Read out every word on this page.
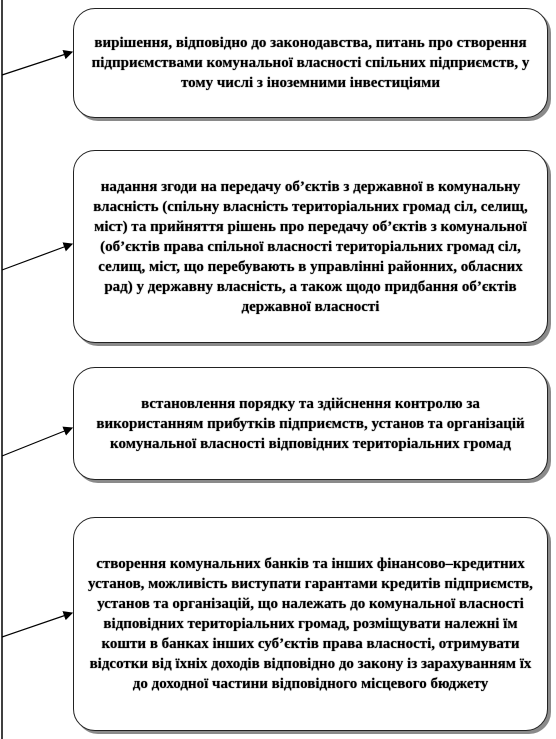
вирішення, відповідно до законодавства, питань про створення підприємствами комунальної власності спільних підприємств, у тому числі з іноземними інвестиціями
надання згоди на передачу об’єктів з державної в комунальну власність (спільну власність територіальних громад сіл, селищ, міст) та прийняття рішень про передачу об’єктів з комунальної (об’єктів права спільної власності територіальних громад сіл, селищ, міст, що перебувають в управлінні районних, обласних рад) у державну власність, а також щодо придбання об’єктів державної власності
встановлення порядку та здійснення контролю за використанням прибутків підприємств, установ та організацій комунальної власності відповідних територіальних громад
створення комунальних банків та інших фінансово–кредитних установ, можливість виступати гарантами кредитів підприємств, установ та організацій, що належать до комунальної власності відповідних територіальних громад, розміщувати належні їм кошти в банках інших суб’єктів права власності, отримувати відсотки від їхніх доходів відповідно до закону із зарахуванням їх до доходної частини відповідного місцевого бюджету
